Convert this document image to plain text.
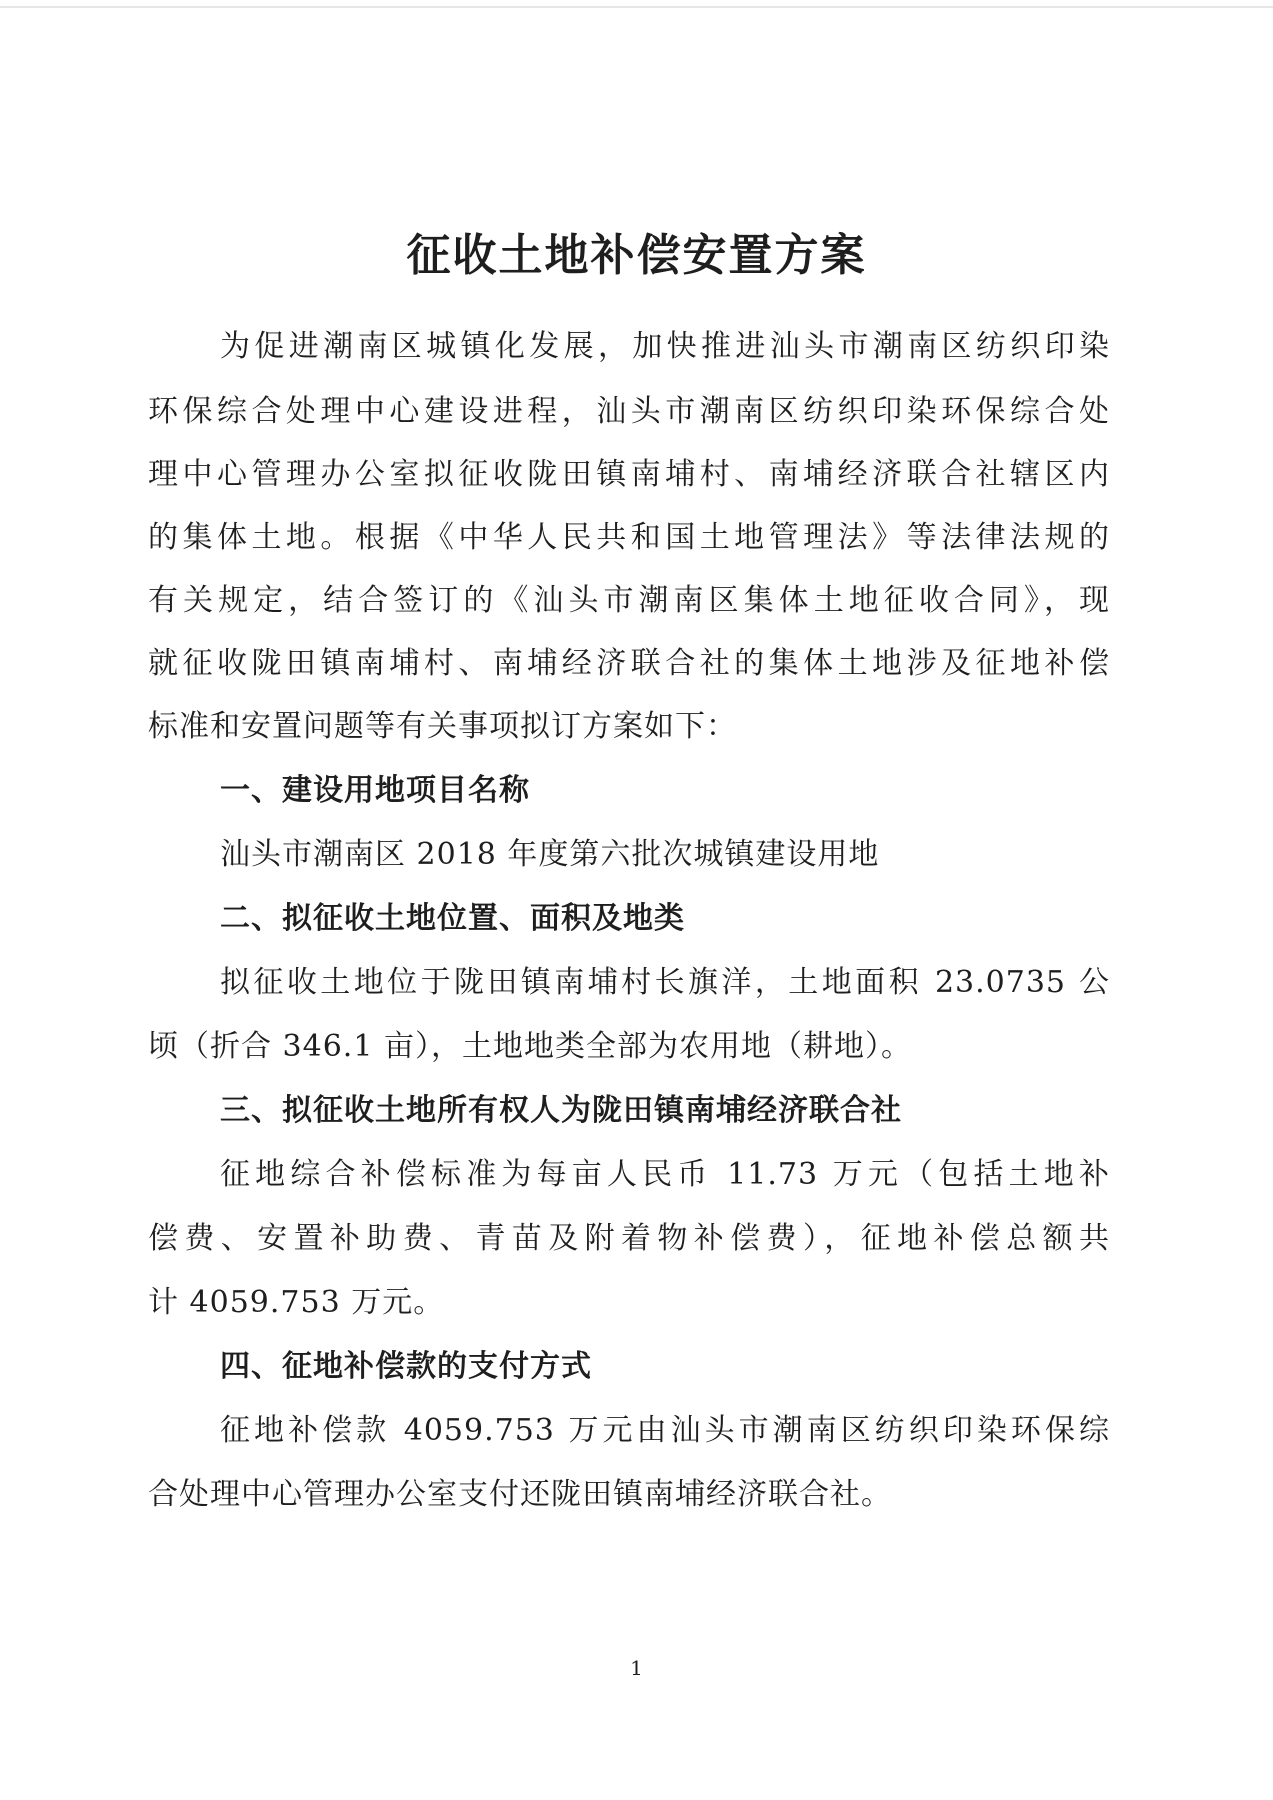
征收土地补偿安置方案
为促进潮南区城镇化发展，加快推进汕头市潮南区纺织印染
环保综合处理中心建设进程，汕头市潮南区纺织印染环保综合处
理中心管理办公室拟征收陇田镇南埔村、南埔经济联合社辖区内
的集体土地。根据《中华人民共和国土地管理法》等法律法规的
有关规定，结合签订的《汕头市潮南区集体土地征收合同》，现
就征收陇田镇南埔村、南埔经济联合社的集体土地涉及征地补偿
标准和安置问题等有关事项拟订方案如下：
一、建设用地项目名称
汕头市潮南区 2018 年度第六批次城镇建设用地
二、拟征收土地位置、面积及地类
拟征收土地位于陇田镇南埔村长旗洋，土地面积 23.0735 公
顷（折合 346.1 亩），土地地类全部为农用地（耕地）。
三、拟征收土地所有权人为陇田镇南埔经济联合社
征地综合补偿标准为每亩人民币 11.73 万元（包括土地补
偿费、安置补助费、青苗及附着物补偿费），征地补偿总额共
计 4059.753 万元。
四、征地补偿款的支付方式
征地补偿款 4059.753 万元由汕头市潮南区纺织印染环保综
合处理中心管理办公室支付还陇田镇南埔经济联合社。
1
